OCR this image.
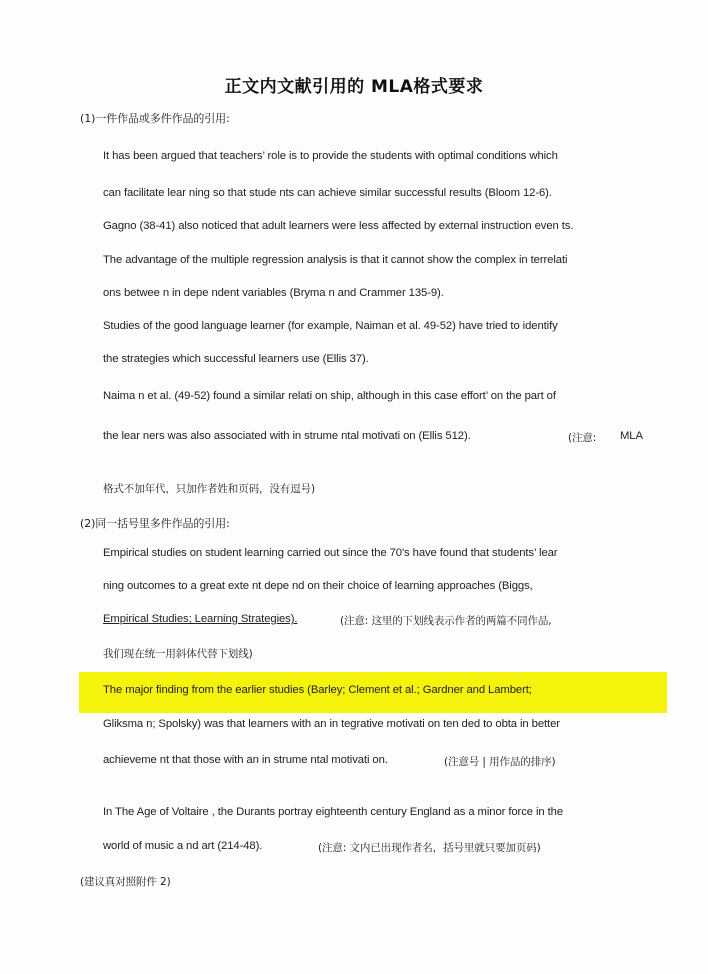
正文内文献引用的 MLA格式要求
(1)一件作品或多件作品的引用:
It has been argued that teachers’ role is to provide the students with optimal conditions which
can facilitate lear ning so that stude nts can achieve similar successful results (Bloom 12-6).
Gagno (38-41) also noticed that adult learners were less affected by external instruction even ts.
The advantage of the multiple regression analysis is that it cannot show the complex in terrelati
ons betwee n in depe ndent variables (Bryma n and Crammer 135-9).
Studies of the good language learner (for example, Naiman et al. 49-52) have tried to identify
the strategies which successful learners use (Ellis 37).
Naima n et al. (49-52) found a similar relati on ship, although in this case effort’ on the part of
the lear ners was also associated with in strume ntal motivati on (Ellis 512).	(注意: MLA
格式不加年代，只加作者姓和页码，没有逗号)
(2)同一括号里多件作品的引用:
Empirical studies on student learning carried out since the 70's have found that students’ lear
ning outcomes to a great exte nt depe nd on their choice of learning approaches (Biggs,
Empirical Studies; Learning Strategies).	(注意: 这里的下划线表示作者的两篇不同作品,
我们现在统一用斜体代替下划线)
The major finding from the earlier studies (Barley; Clement et al.; Gardner and Lambert;
Gliksma n; Spolsky) was that learners with an in tegrative motivati on ten ded to obta in better
achieveme nt that those with an in strume ntal motivati on.	(注意号 | 用作品的排序)
In The Age of Voltaire , the Durants portray eighteenth century England as a minor force in the
world of music a nd art (214-48).	(注意: 文内已出现作者名，括号里就只要加页码)
(建议真对照附件 2)
